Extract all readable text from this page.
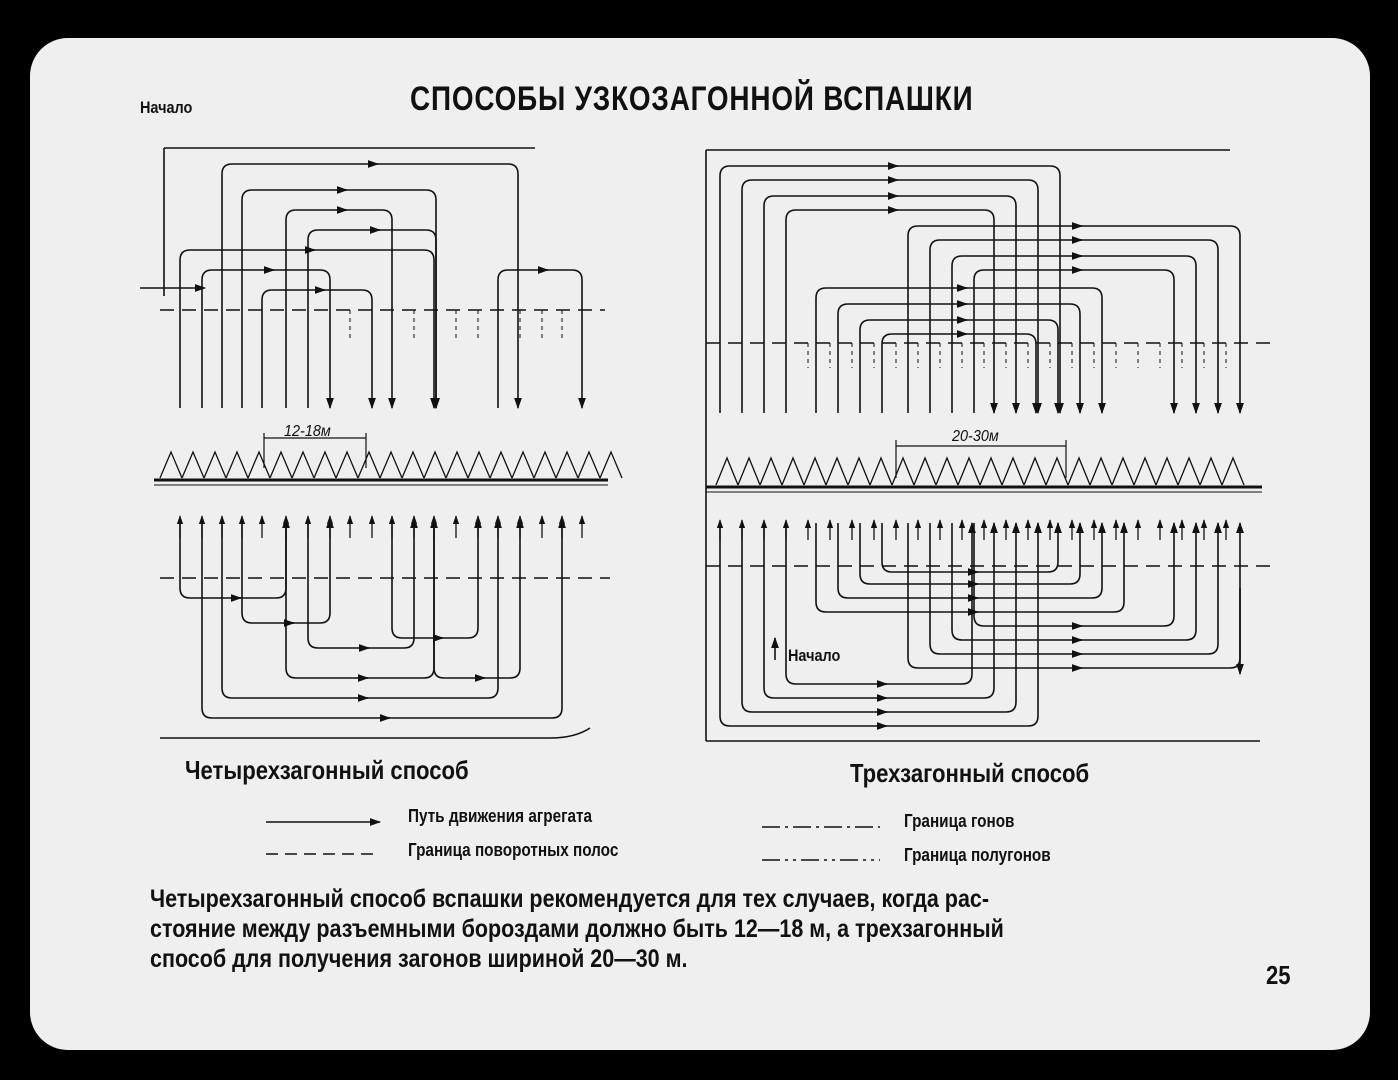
СПОСОБЫ УЗКОЗАГОННОЙ ВСПАШКИ
Начало
12-18м	20-30м
Начало
Четырехзагонный способ	Трехзагонный способ
Путь движения агрегата
Граница поворотных полос
Граница гонов
Граница полугонов
Четырехзагонный способ вспашки рекомендуется для тех случаев, когда рас-
стояние между разъемными бороздами должно быть 12—18 м, а трехзагонный
способ для получения загонов шириной 20—30 м.
25
